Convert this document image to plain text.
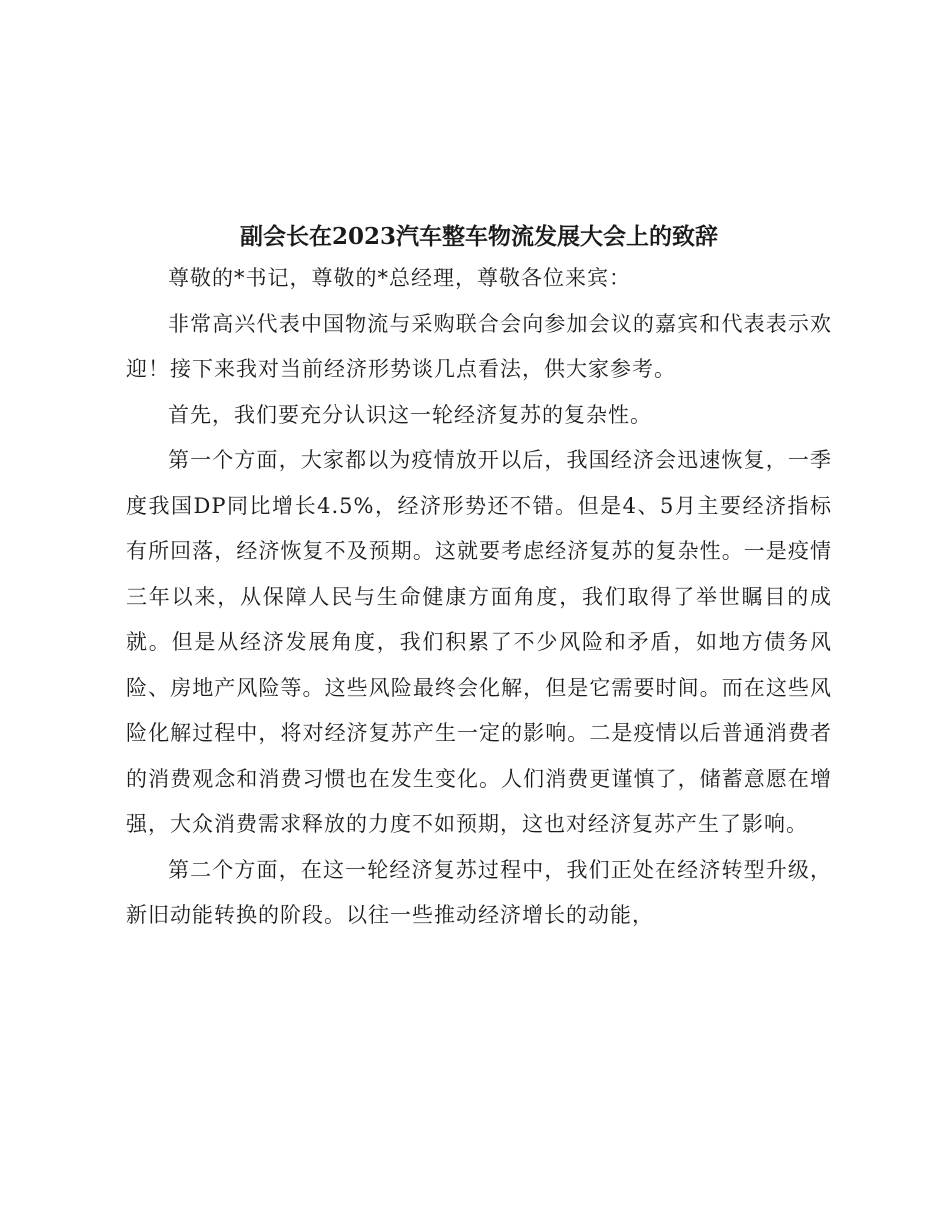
副会长在2023汽车整车物流发展大会上的致辞

尊敬的*书记，尊敬的*总经理，尊敬各位来宾：

非常高兴代表中国物流与采购联合会向参加会议的嘉宾和代表表示欢迎！接下来我对当前经济形势谈几点看法，供大家参考。

首先，我们要充分认识这一轮经济复苏的复杂性。

第一个方面，大家都以为疫情放开以后，我国经济会迅速恢复，一季度我国DP同比增长4.5%，经济形势还不错。但是4、5月主要经济指标有所回落，经济恢复不及预期。这就要考虑经济复苏的复杂性。一是疫情三年以来，从保障人民与生命健康方面角度，我们取得了举世瞩目的成就。但是从经济发展角度，我们积累了不少风险和矛盾，如地方债务风险、房地产风险等。这些风险最终会化解，但是它需要时间。而在这些风险化解过程中，将对经济复苏产生一定的影响。二是疫情以后普通消费者的消费观念和消费习惯也在发生变化。人们消费更谨慎了，储蓄意愿在增强，大众消费需求释放的力度不如预期，这也对经济复苏产生了影响。

第二个方面，在这一轮经济复苏过程中，我们正处在经济转型升级，新旧动能转换的阶段。以往一些推动经济增长的动能，
